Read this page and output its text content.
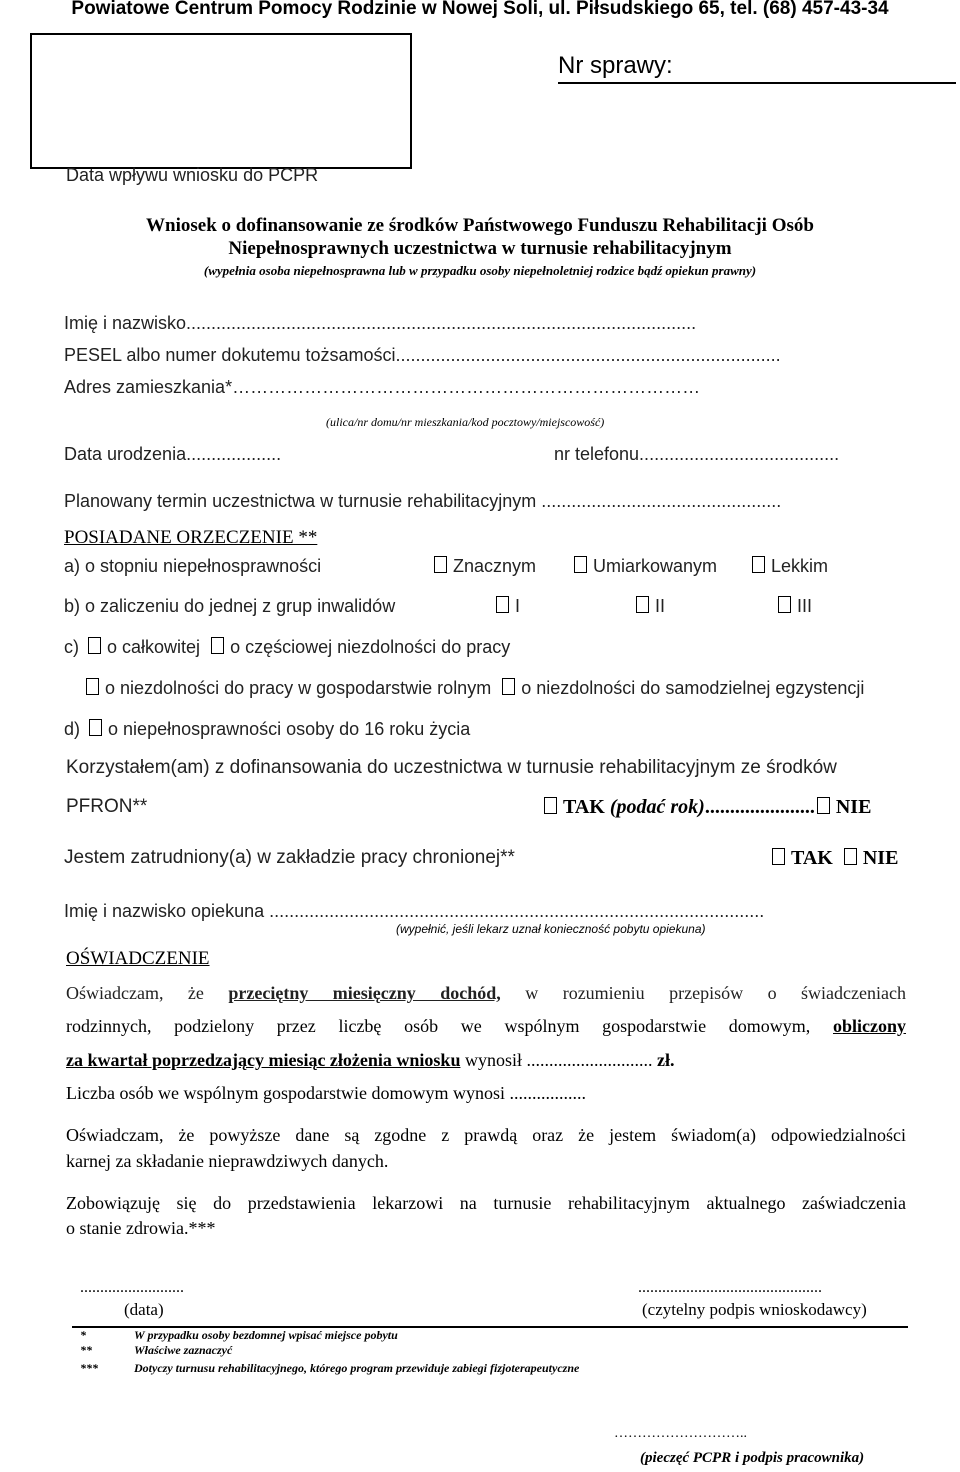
Powiatowe Centrum Pomocy Rodzinie w Nowej Soli, ul. Piłsudskiego 65, tel. (68) 457-43-34
Nr sprawy:
Data wpływu wniosku do PCPR
Wniosek o dofinansowanie ze środków Państwowego Funduszu Rehabilitacji Osób
Niepełnosprawnych uczestnictwa w turnusie rehabilitacyjnym
(wypełnia osoba niepełnosprawna lub w przypadku osoby niepełnoletniej rodzice bądź opiekun prawny)
Imię i nazwisko......................................................................................................
PESEL albo numer dokutemu tożsamości.............................................................................
Adres zamieszkania*……………………………………………………………………
(ulica/nr domu/nr mieszkania/kod pocztowy/miejscowość)
Data urodzenia...................	nr telefonu........................................
Planowany termin uczestnictwa w turnusie rehabilitacyjnym ................................................
POSIADANE ORZECZENIE **
a) o stopniu niepełnosprawności	Znacznym	Umiarkowanym	Lekkim
b) o zaliczeniu do jednej z grup inwalidów	I	II	III
c) o całkowitej o częściowej niezdolności do pracy
o niezdolności do pracy w gospodarstwie rolnym o niezdolności do samodzielnej egzystencji
d) o niepełnosprawności osoby do 16 roku życia
Korzystałem(am) z dofinansowania do uczestnictwa w turnusie rehabilitacyjnym ze środków
PFRON**	TAK (podać rok)...................... NIE
Jestem zatrudniony(a) w zakładzie pracy chronionej**	TAK NIE
Imię i nazwisko opiekuna ...................................................................................................
(wypełnić, jeśli lekarz uznał konieczność pobytu opiekuna)
OŚWIADCZENIE
Oświadczam, że przeciętny miesięczny dochód, w rozumieniu przepisów o świadczeniach
rodzinnych, podzielony przez liczbę osób we wspólnym gospodarstwie domowym, obliczony
za kwartał poprzedzający miesiąc złożenia wniosku wynosił ............................ zł.
Liczba osób we wspólnym gospodarstwie domowym wynosi .................
Oświadczam, że powyższe dane są zgodne z prawdą oraz że jestem świadom(a) odpowiedzialności
karnej za składanie nieprawdziwych danych.
Zobowiązuję się do przedstawienia lekarzowi na turnusie rehabilitacyjnym aktualnego zaświadczenia
o stanie zdrowia.***
..........................
(data)
..............................................
(czytelny podpis wnioskodawcy)
*	W przypadku osoby bezdomnej wpisać miejsce pobytu
**	Właściwe zaznaczyć
***	Dotyczy turnusu rehabilitacyjnego, którego program przewiduje zabiegi fizjoterapeutyczne
………………………..
(pieczęć PCPR i podpis pracownika)
